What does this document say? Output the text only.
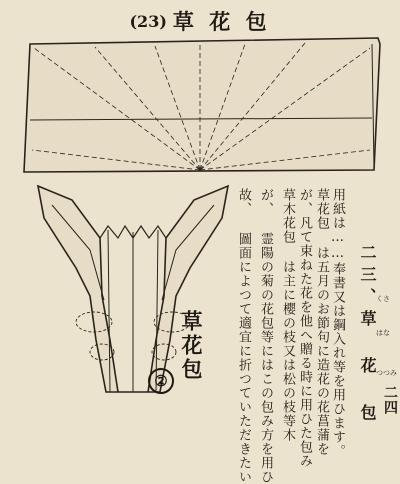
(23) 草 花 包
二四
二三、草 花 包 くさ
はな
つつみ
用紙は……奉書又は鋼入れ等を用ひます。
草花包 は五月のお節句に造花の花菖蒲を
が、凡て束ねた花を他へ贈る時に用ひた包み
草木花包 は主に櫻の枝又は松の枝等木
が、 霊陽の菊の花包等にはこの包み方を用ひ
故、 圖面によつて適宜に折つていただきたい
草花包
②
